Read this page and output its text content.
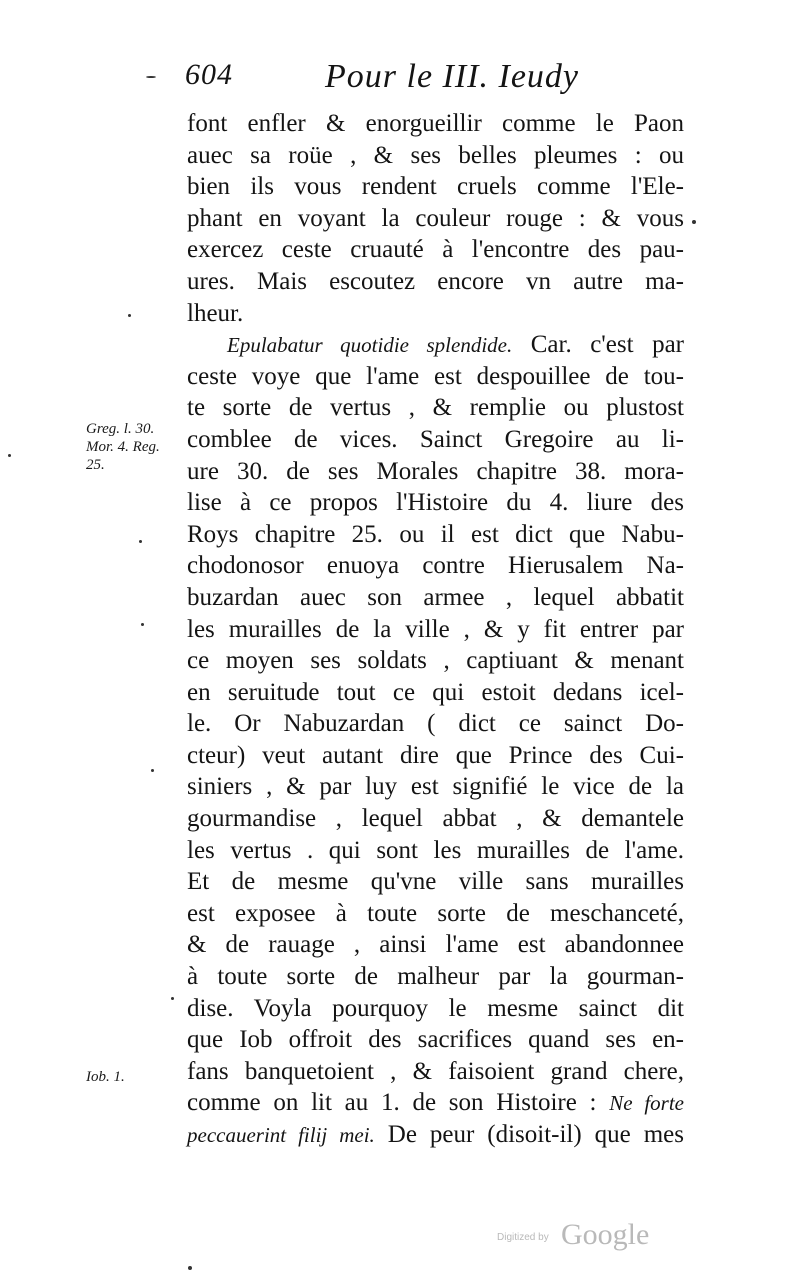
604	Pour le III. Ieudy
font enfler & enorgueillir comme le Paon
auec sa roüe , & ses belles pleumes : ou
bien ils vous rendent cruels comme l'Ele-
phant en voyant la couleur rouge : & vous
exercez ceste cruauté à l'encontre des pau-
ures. Mais escoutez encore vn autre ma-
lheur.
Epulabatur quotidie splendide. Car. c'est par
ceste voye que l'ame est despouillee de tou-
te sorte de vertus , & remplie ou plustost
comblee de vices. Sainct Gregoire au li-
ure 30. de ses Morales chapitre 38. mora-
lise à ce propos l'Histoire du 4. liure des
Roys chapitre 25. ou il est dict que Nabu-
chodonosor enuoya contre Hierusalem Na-
buzardan auec son armee , lequel abbatit
les murailles de la ville , & y fit entrer par
ce moyen ses soldats , captiuant & menant
en seruitude tout ce qui estoit dedans icel-
le. Or Nabuzardan ( dict ce sainct Do-
cteur) veut autant dire que Prince des Cui-
siniers , & par luy est signifié le vice de la
gourmandise , lequel abbat , & demantele
les vertus . qui sont les murailles de l'ame.
Et de mesme qu'vne ville sans murailles
est exposee à toute sorte de meschanceté,
& de rauage , ainsi l'ame est abandonnee
à toute sorte de malheur par la gourman-
dise. Voyla pourquoy le mesme sainct dit
que Iob offroit des sacrifices quand ses en-
fans banquetoient , & faisoient grand chere,
comme on lit au 1. de son Histoire : Ne forte
peccauerint filij mei. De peur (disoit-il) que mes
Greg. l. 30.
Mor. 4. Reg.
25.
Iob. 1.
Digitized by Google
